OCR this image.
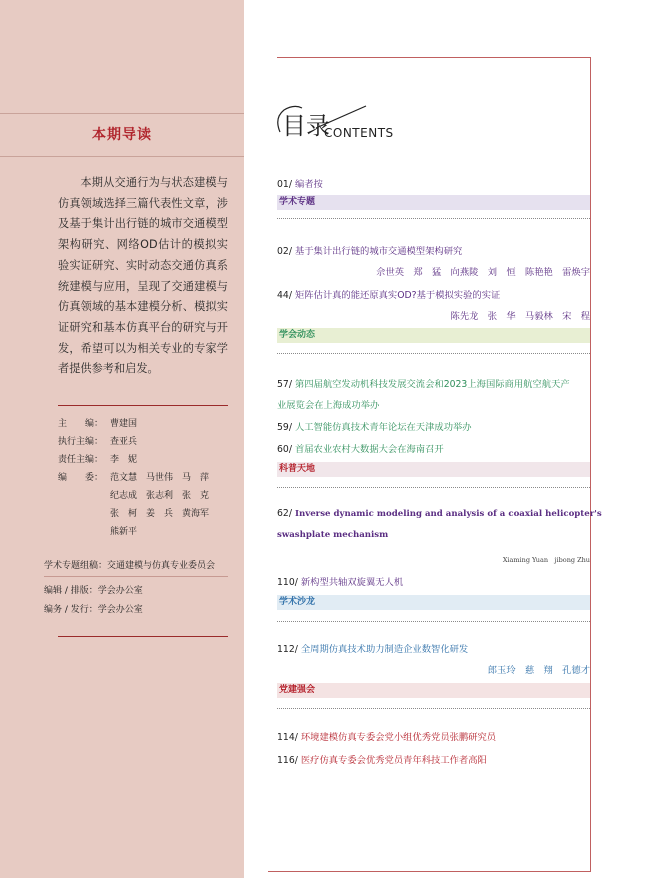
本期导读
本期从交通行为与状态建模与仿真领域选择三篇代表性文章，涉及基于集计出行链的城市交通模型架构研究、网络OD估计的模拟实验实证研究、实时动态交通仿真系统建模与应用，呈现了交通建模与仿真领域的基本建模分析、模拟实证研究和基本仿真平台的研究与开发，希望可以为相关专业的专家学者提供参考和启发。
主　　编： 曹建国
执行主编： 查亚兵
责任主编： 李　妮
编　　委： 范文慧　马世伟　马　萍
纪志成　张志利　张　克
张　柯　姜　兵　黄海军
熊新平
学术专题组稿：交通建模与仿真专业委员会
编辑 / 排版：学会办公室
编务 / 发行：学会办公室
目录
CONTENTS
01/ 编者按
学术专题
02/ 基于集计出行链的城市交通模型架构研究
佘世英　郑　猛　向燕陵　刘　恒　陈艳艳　雷焕宇
44/ 矩阵估计真的能还原真实OD?基于模拟实验的实证
陈先龙　张　华　马毅林　宋　程
学会动态
57/ 第四届航空发动机科技发展交流会和2023上海国际商用航空航天产
业展览会在上海成功举办
59/ 人工智能仿真技术青年论坛在天津成功举办
60/ 首届农业农村大数据大会在海南召开
科普天地
62/ Inverse dynamic modeling and analysis of a coaxial helicopter's
swashplate mechanism
Xiaming Yuan　jibong Zhu
110/ 新构型共轴双旋翼无人机
学术沙龙
112/ 全周期仿真技术助力制造企业数智化研发
郎玉玲　慈　翔　孔德才
党建强会
114/ 环境建模仿真专委会党小组优秀党员张鹏研究员
116/ 医疗仿真专委会优秀党员青年科技工作者高阳
